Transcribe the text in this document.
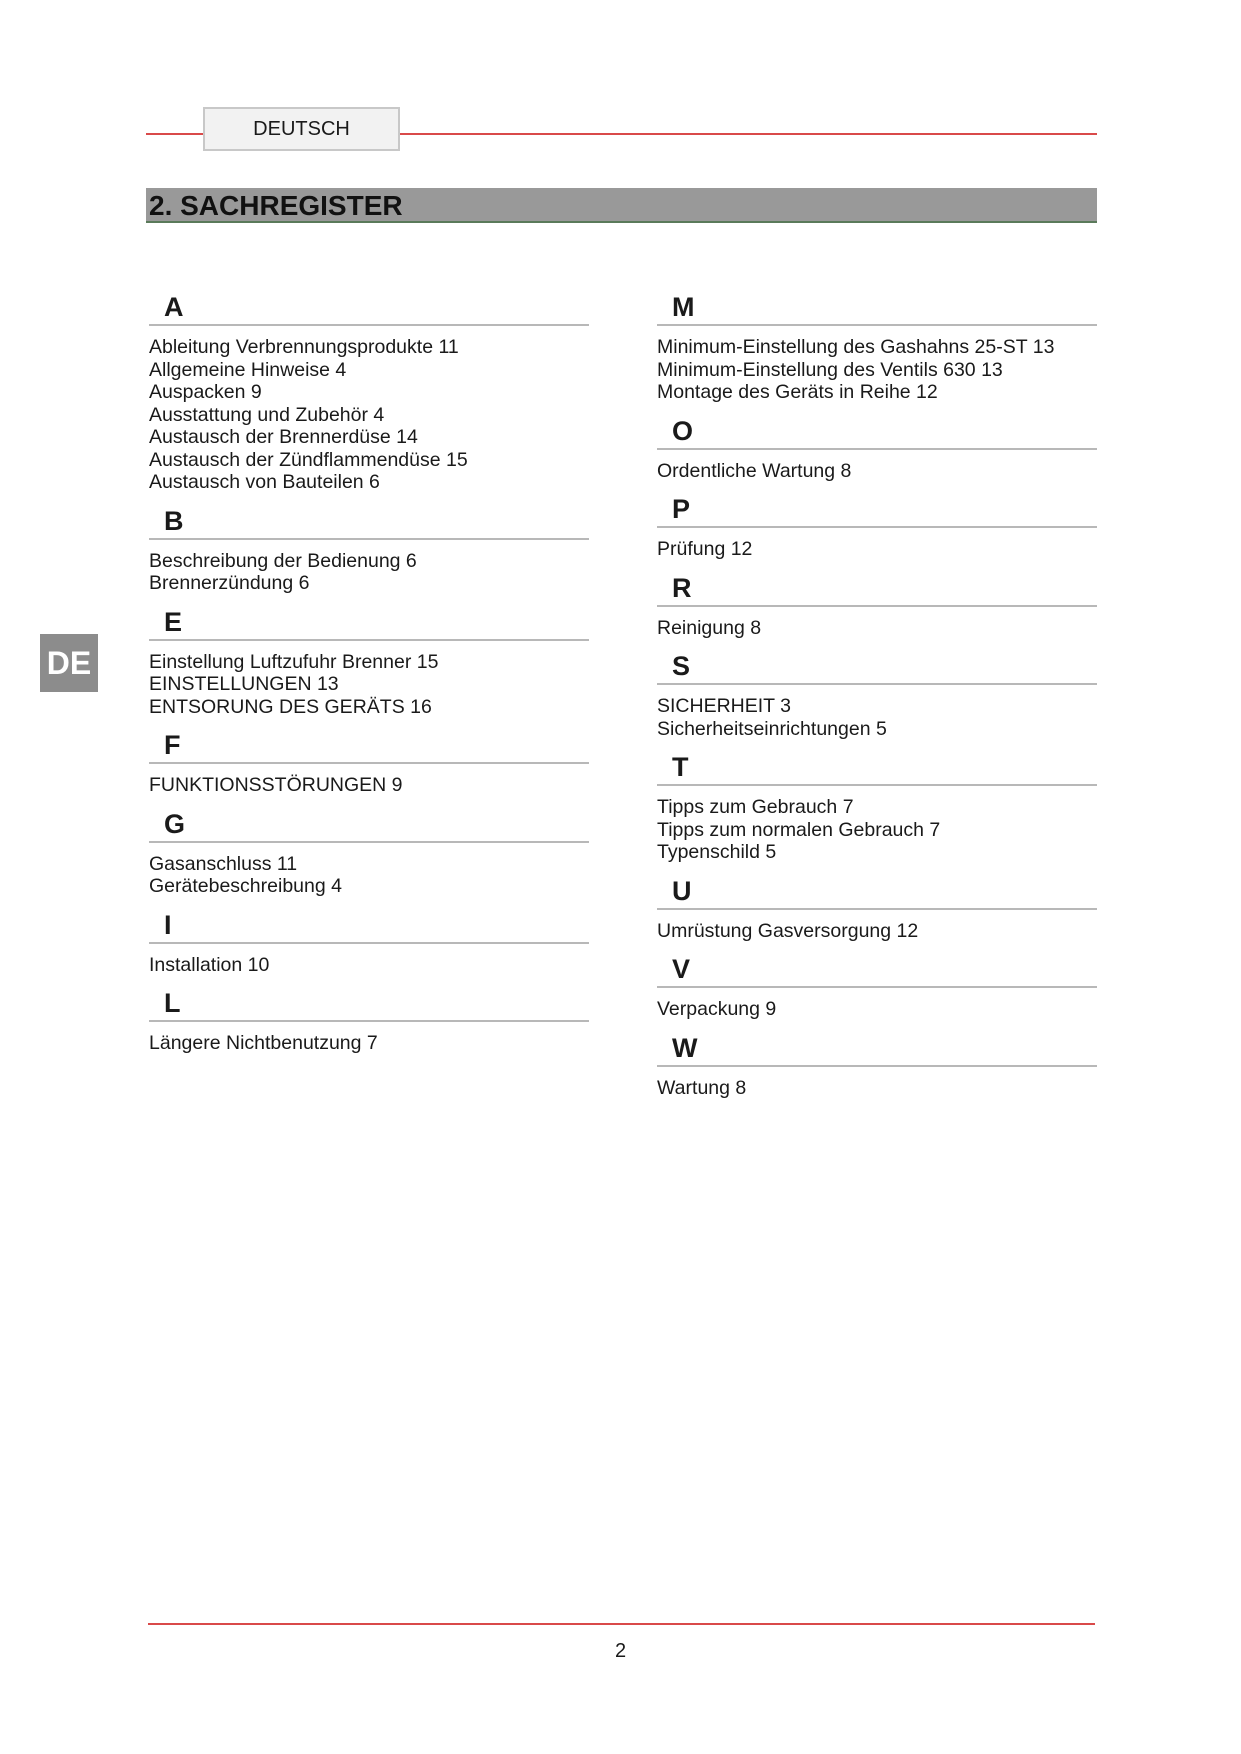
DEUTSCH
2. SACHREGISTER
DE
A
Ableitung Verbrennungsprodukte 11
Allgemeine Hinweise 4
Auspacken 9
Ausstattung und Zubehör 4
Austausch der Brennerdüse 14
Austausch der Zündflammendüse 15
Austausch von Bauteilen 6
B
Beschreibung der Bedienung 6
Brennerzündung 6
E
Einstellung Luftzufuhr Brenner 15
EINSTELLUNGEN 13
ENTSORUNG DES GERÄTS 16
F
FUNKTIONSSTÖRUNGEN 9
G
Gasanschluss 11
Gerätebeschreibung 4
I
Installation 10
L
Längere Nichtbenutzung 7
M
Minimum-Einstellung des Gashahns 25-ST 13
Minimum-Einstellung des Ventils 630 13
Montage des Geräts in Reihe 12
O
Ordentliche Wartung 8
P
Prüfung 12
R
Reinigung 8
S
SICHERHEIT 3
Sicherheitseinrichtungen 5
T
Tipps zum Gebrauch 7
Tipps zum normalen Gebrauch 7
Typenschild 5
U
Umrüstung Gasversorgung 12
V
Verpackung 9
W
Wartung 8
2
